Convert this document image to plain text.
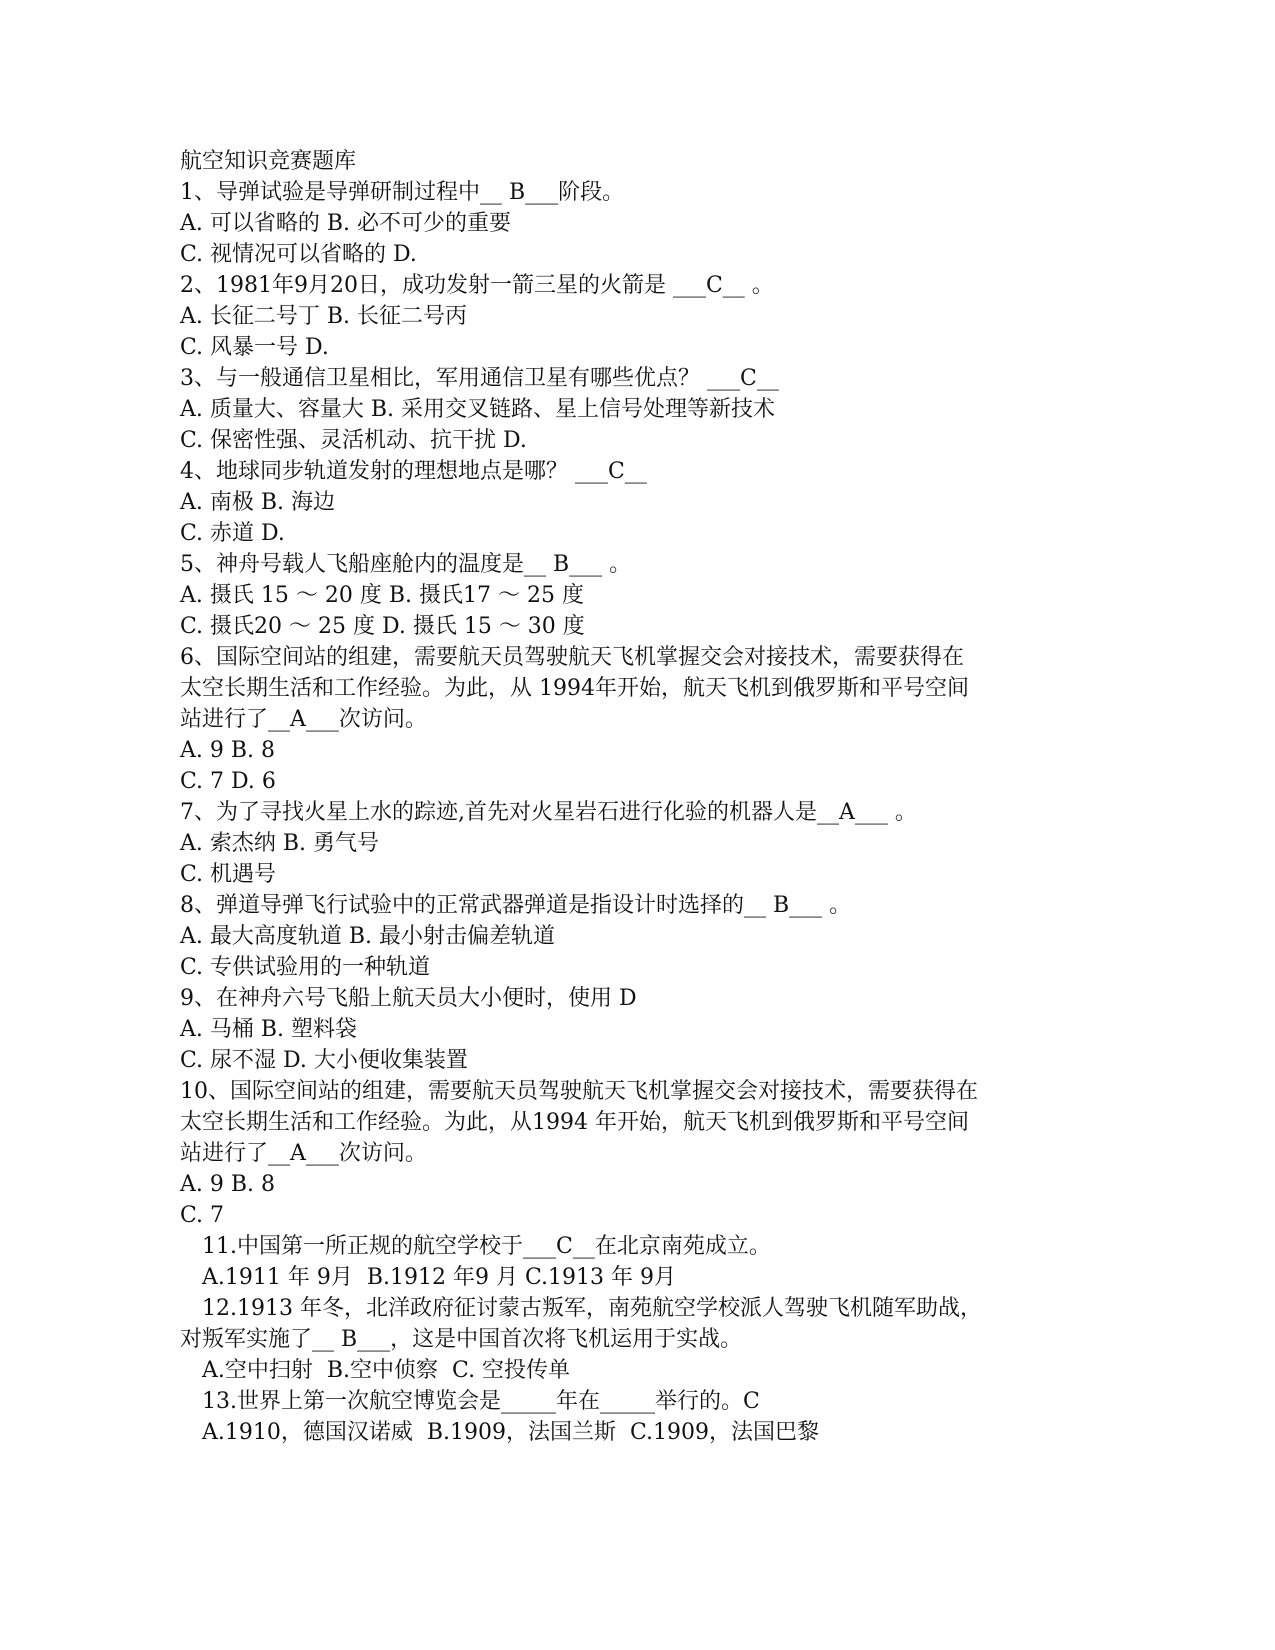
航空知识竞赛题库

1、导弹试验是导弹研制过程中__ B___阶段。

A. 可以省略的 B. 必不可少的重要

C. 视情况可以省略的 D.

2、1981年9月20日，成功发射一箭三星的火箭是 ___C__ 。

A. 长征二号丁 B. 长征二号丙

C. 风暴一号 D.

3、与一般通信卫星相比，军用通信卫星有哪些优点？ ___C__

A. 质量大、容量大 B. 采用交叉链路、星上信号处理等新技术

C. 保密性强、灵活机动、抗干扰 D.

4、地球同步轨道发射的理想地点是哪？ ___C__

A. 南极 B. 海边

C. 赤道 D.

5、神舟号载人飞船座舱内的温度是__ B___ 。

A. 摄氏 15 ～ 20 度 B. 摄氏17 ～ 25 度

C. 摄氏20 ～ 25 度 D. 摄氏 15 ～ 30 度

6、国际空间站的组建，需要航天员驾驶航天飞机掌握交会对接技术，需要获得在

太空长期生活和工作经验。为此，从 1994年开始，航天飞机到俄罗斯和平号空间

站进行了__A___次访问。

A. 9 B. 8

C. 7 D. 6

7、为了寻找火星上水的踪迹,首先对火星岩石进行化验的机器人是__A___ 。

A. 索杰纳 B. 勇气号

C. 机遇号

8、弹道导弹飞行试验中的正常武器弹道是指设计时选择的__ B___ 。

A. 最大高度轨道 B. 最小射击偏差轨道

C. 专供试验用的一种轨道

9、在神舟六号飞船上航天员大小便时，使用 D

A. 马桶 B. 塑料袋

C. 尿不湿 D. 大小便收集装置

10、国际空间站的组建，需要航天员驾驶航天飞机掌握交会对接技术，需要获得在

太空长期生活和工作经验。为此，从1994 年开始，航天飞机到俄罗斯和平号空间

站进行了__A___次访问。

A. 9 B. 8

C. 7

11.中国第一所正规的航空学校于___C__在北京南苑成立。

A.1911 年 9月  B.1912 年9 月 C.1913 年 9月

12.1913 年冬，北洋政府征讨蒙古叛军，南苑航空学校派人驾驶飞机随军助战，

对叛军实施了__ B___，这是中国首次将飞机运用于实战。

A.空中扫射  B.空中侦察  C. 空投传单

13.世界上第一次航空博览会是_____年在_____举行的。C

A.1910，德国汉诺威  B.1909，法国兰斯  C.1909，法国巴黎
